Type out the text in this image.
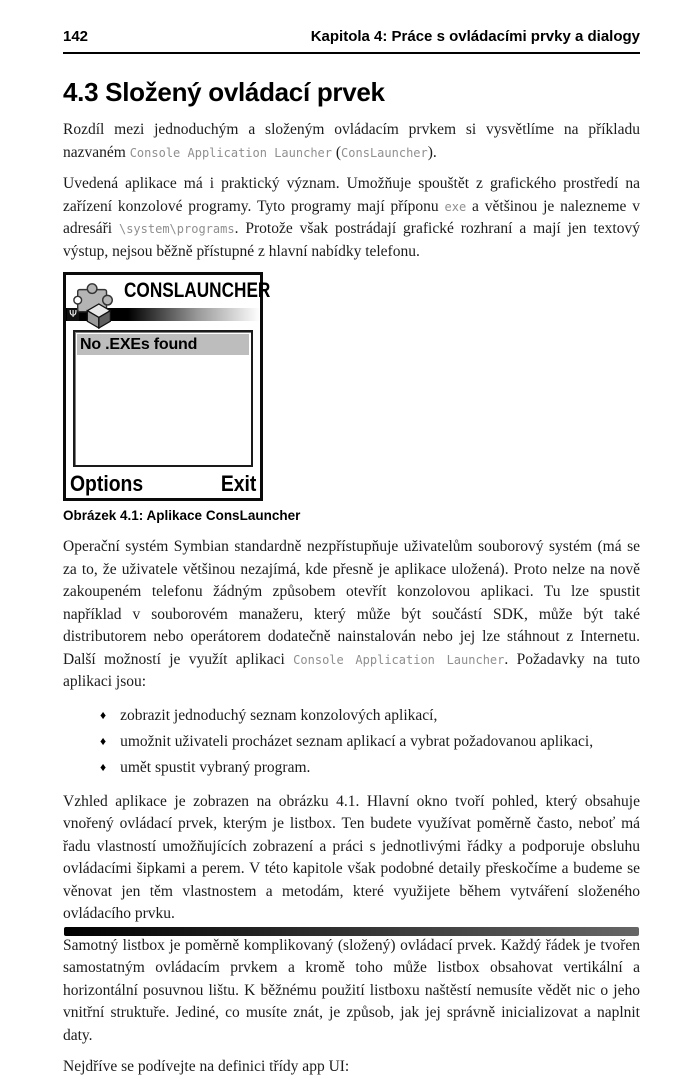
142	Kapitola 4: Práce s ovládacími prvky a dialogy
4.3 Složený ovládací prvek

Rozdíl mezi jednoduchým a složeným ovládacím prvkem si vysvětlíme na příkladu nazvaném Console Application Launcher (ConsLauncher).

Uvedená aplikace má i praktický význam. Umožňuje spouštět z grafického prostředí na zařízení konzolové programy. Tyto programy mají příponu exe a většinou je nalezneme v adresáři \system\programs. Protože však postrádají grafické rozhraní a mají jen textový výstup, nejsou běžně přístupné z hlavní nabídky telefonu.

CONSLAUNCHER
Ψ
No .EXEs found
Options	Exit
Obrázek 4.1: Aplikace ConsLauncher

Operační systém Symbian standardně nezpřístupňuje uživatelům souborový systém (má se za to, že uživatele většinou nezajímá, kde přesně je aplikace uložená). Proto nelze na nově zakoupeném telefonu žádným způsobem otevřít konzolovou aplikaci. Tu lze spustit například v souborovém manažeru, který může být součástí SDK, může být také distributorem nebo operátorem dodatečně nainstalován nebo jej lze stáhnout z Internetu. Další možností je využít aplikaci Console Application Launcher. Požadavky na tuto aplikaci jsou:

♦ zobrazit jednoduchý seznam konzolových aplikací,
♦ umožnit uživateli procházet seznam aplikací a vybrat požadovanou aplikaci,
♦ umět spustit vybraný program.

Vzhled aplikace je zobrazen na obrázku 4.1. Hlavní okno tvoří pohled, který obsahuje vnořený ovládací prvek, kterým je listbox. Ten budete využívat poměrně často, neboť má řadu vlastností umožňujících zobrazení a práci s jednotlivými řádky a podporuje obsluhu ovládacími šipkami a perem. V této kapitole však podobné detaily přeskočíme a budeme se věnovat jen těm vlastnostem a metodám, které využijete během vytváření složeného ovládacího prvku.

Samotný listbox je poměrně komplikovaný (složený) ovládací prvek. Každý řádek je tvořen samostatným ovládacím prvkem a kromě toho může listbox obsahovat vertikální a horizontální posuvnou lištu. K běžnému použití listboxu naštěstí nemusíte vědět nic o jeho vnitřní struktuře. Jediné, co musíte znát, je způsob, jak jej správně inicializovat a naplnit daty.

Nejdříve se podívejte na definici třídy app UI:
